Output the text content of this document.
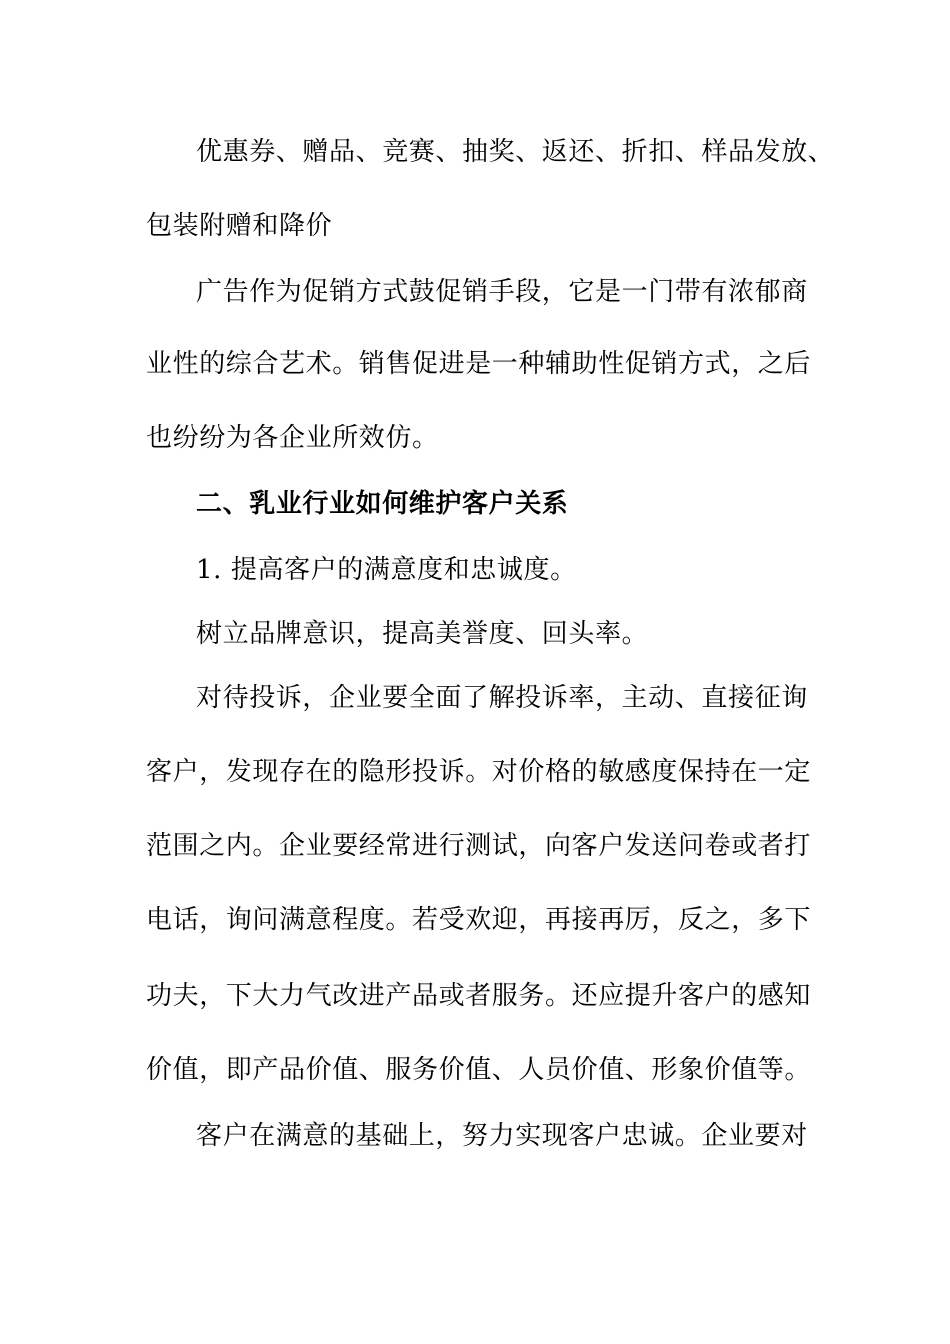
优惠券、赠品、竞赛、抽奖、返还、折扣、样品发放、
包装附赠和降价
广告作为促销方式鼓促销手段，它是一门带有浓郁商
业性的综合艺术。销售促进是一种辅助性促销方式，之后
也纷纷为各企业所效仿。
二、乳业行业如何维护客户关系
1. 提高客户的满意度和忠诚度。
树立品牌意识，提高美誉度、回头率。
对待投诉，企业要全面了解投诉率，主动、直接征询
客户，发现存在的隐形投诉。对价格的敏感度保持在一定
范围之内。企业要经常进行测试，向客户发送问卷或者打
电话，询问满意程度。若受欢迎，再接再厉，反之，多下
功夫，下大力气改进产品或者服务。还应提升客户的感知
价值，即产品价值、服务价值、人员价值、形象价值等。
客户在满意的基础上，努力实现客户忠诚。企业要对
